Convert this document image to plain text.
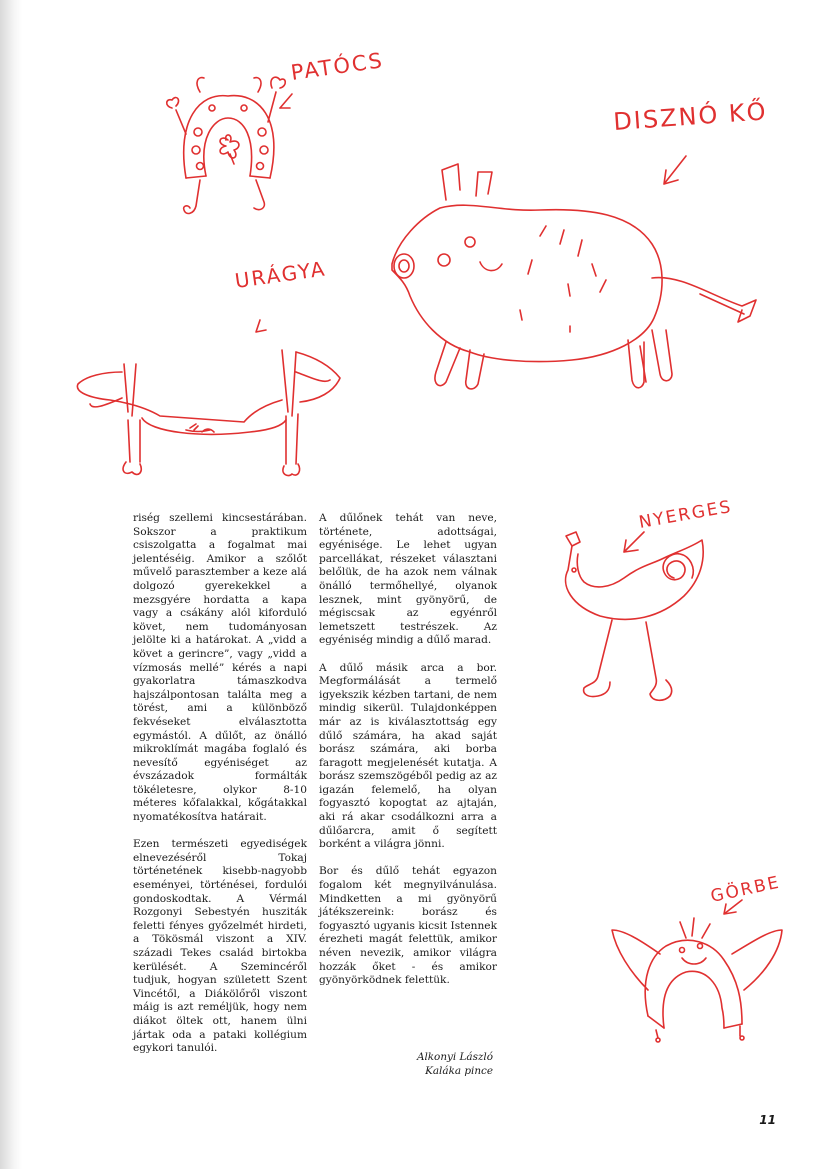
PATÓCS
DISZNÓ KŐ
URÁGYA
NYERGES
GÖRBE

riség szellemi kincsestárában. Sokszor a praktikum csiszolgatta a fogalmat mai jelentéséig. Amikor a szőlőt művelő parasztember a keze alá dolgozó gyerekekkel a mezsgyére hordatta a kapa vagy a csákány alól kiforduló követ, nem tudományosan jelölte ki a határokat. A „vidd a követ a gerincre”, vagy „vidd a vízmosás mellé” kérés a napi gyakorlatra támaszkodva hajszálpontosan találta meg a törést, ami a különböző fekvéseket elválasztotta egymástól. A dűlőt, az önálló mikroklímát magába foglaló és nevesítő egyéniséget az évszázadok formálták tökéletesre, olykor 8-10 méteres kőfalakkal, kőgátakkal nyomatékosítva határait.

Ezen természeti egyediségek elnevezéséről Tokaj történetének kisebb-nagyobb eseményei, történései, fordulói gondoskodtak. A Vérmál Rozgonyi Sebestyén husziták feletti fényes győzelmét hirdeti, a Tökösmál viszont a XIV. századi Tekes család birtokba kerülését. A Szemincéről tudjuk, hogyan született Szent Vincétől, a Diákölőről viszont máig is azt reméljük, hogy nem diákot öltek ott, hanem ülni jártak oda a pataki kollégium egykori tanulói.

A dűlőnek tehát van neve, története, adottságai, egyénisége. Le lehet ugyan parcellákat, részeket választani belőlük, de ha azok nem válnak önálló termőhellyé, olyanok lesznek, mint gyönyörű, de mégiscsak az egyénről lemetszett testrészek. Az egyéniség mindig a dűlő marad.

A dűlő másik arca a bor. Megformálását a termelő igyekszik kézben tartani, de nem mindig sikerül. Tulajdonképpen már az is kiválasztottság egy dűlő számára, ha akad saját borász számára, aki borba faragott megjelenését kutatja. A borász szemszögéből pedig az az igazán felemelő, ha olyan fogyasztó kopogtat az ajtaján, aki rá akar csodálkozni arra a dűlőarcra, amit ő segített borként a világra jönni.

Bor és dűlő tehát egyazon fogalom két megnyilvánulása. Mindketten a mi gyönyörű játékszereink: borász és fogyasztó ugyanis kicsit Istennek érezheti magát felettük, amikor néven nevezik, amikor világra hozzák őket - és amikor gyönyörködnek felettük.

Alkonyi László
Kaláka pince
11
